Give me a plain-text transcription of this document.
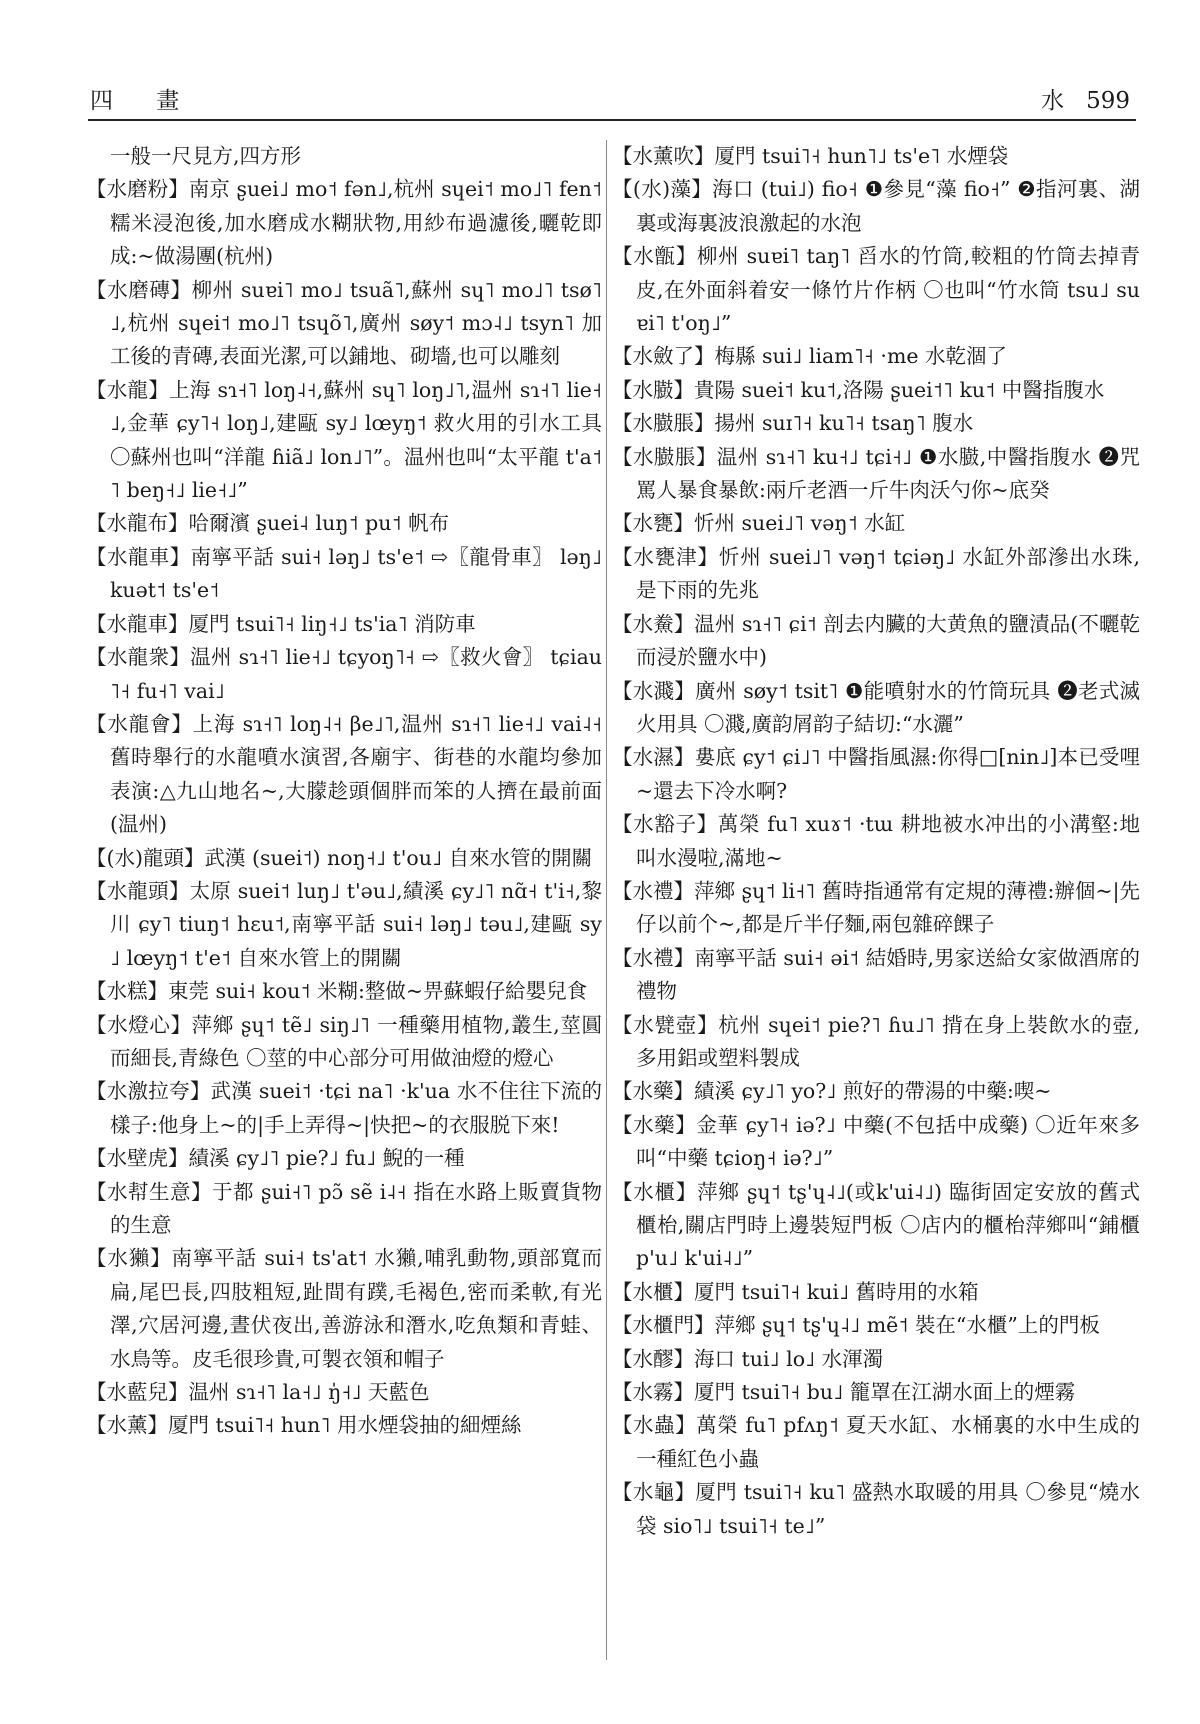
四 畫	水 599

一般一尺見方,四方形

【水磨粉】南京 ʂuei˩ mo˦ fən˩,杭州 sɥei˦ mo˩˥ fen˦ 糯米浸泡後,加水磨成水糊狀物,用紗布過濾後,曬乾即成:~做湯團(杭州)

【水磨磚】柳州 suɐi˥ mo˩ tsuã˥,蘇州 sɥ˥ mo˩˥ tsø˥˩,杭州 sɥei˦ mo˩˥ tsɥõ˥,廣州 søy˦ mɔ˨˩ tsyn˥ 加工後的青磚,表面光潔,可以鋪地、砌墻,也可以雕刻

【水龍】上海 sɿ˧˥ loŋ˨˧,蘇州 sɥ˥ loŋ˩˥,温州 sɿ˧˥ lie˧˩,金華 ɕy˥˧ loŋ˩,建甌 sy˩ lœyŋ˦ 救火用的引水工具 〇蘇州也叫“洋龍 ɦiã˩ lon˩˥”。温州也叫“太平龍 t'a˦˥ beŋ˧˩ lie˧˩”

【水龍布】哈爾濱 ʂuei˨ luŋ˦ pu˦ 帆布

【水龍車】南寧平話 sui˧ ləŋ˩ ts'e˦ ⇨〖龍骨車〗 ləŋ˩ kuət˦ ts'e˦

【水龍車】厦門 tsui˥˧ liŋ˧˩ ts'ia˥ 消防車

【水龍衆】温州 sɿ˧˥ lie˧˩ tɕyoŋ˥˧ ⇨〖救火會〗 tɕiau˥˧ fu˧˥ vai˩

【水龍會】上海 sɿ˧˥ loŋ˨˧ βe˩˥,温州 sɿ˧˥ lie˧˩ vai˨˧ 舊時舉行的水龍噴水演習,各廟宇、街巷的水龍均參加表演:△九山地名~,大朦趁頭個胖而笨的人擠在最前面(温州)

【(水)龍頭】武漢 (suei˦) noŋ˧˩ t'ou˩ 自來水管的開關

【水龍頭】太原 suei˦ luŋ˩ t'əu˩,績溪 ɕy˩˥ nɑ̃˧ t'i˧,黎川 ɕy˥ tiuŋ˦ hɛu˦,南寧平話 sui˧ ləŋ˩ təu˩,建甌 sy˩ lœyŋ˦ t'e˦ 自來水管上的開關

【水糕】東莞 sui˧ kou˦ 米糊:整做~畀蘇蝦仔給嬰兒食

【水燈心】萍鄉 ʂɥ˦ tẽ˩ siŋ˩˥ 一種藥用植物,叢生,莖圓而細長,青綠色 〇莖的中心部分可用做油燈的燈心

【水激拉夸】武漢 suei˦ ·tɕi na˥ ·k'ua 水不住往下流的樣子:他身上~的|手上弄得~|快把~的衣服脱下來!

【水壁虎】績溪 ɕy˩˥ pie?˩ fu˩ 鯢的一種

【水幇生意】于都 ʂui˧˥ pɔ̃ sẽ i˨˧ 指在水路上販賣貨物的生意

【水獺】南寧平話 sui˧ ts'at˦ 水獺,哺乳動物,頭部寬而扁,尾巴長,四肢粗短,趾間有蹼,毛褐色,密而柔軟,有光澤,穴居河邊,晝伏夜出,善游泳和潛水,吃魚類和青蛙、水鳥等。皮毛很珍貴,可製衣領和帽子

【水藍兒】温州 sɿ˧˥ la˧˩ ŋ̍˧˩ 天藍色

【水薰】厦門 tsui˥˧ hun˥ 用水煙袋抽的細煙絲

【水薰吹】厦門 tsui˥˧ hun˥˩ ts'e˥ 水煙袋

【(水)藻】海口 (tui˩) fio˧ ❶參見“藻 fio˧” ❷指河裏、湖裏或海裏波浪激起的水泡

【水甑】柳州 suɐi˥ taŋ˥ 舀水的竹筒,較粗的竹筒去掉青皮,在外面斜着安一條竹片作柄 〇也叫“竹水筒 tsu˩ suɐi˥ t'oŋ˩”

【水斂了】梅縣 sui˩ liam˥˧ ·me 水乾涸了

【水臌】貴陽 suei˦ ku˦,洛陽 ʂuei˦˥ ku˦ 中醫指腹水

【水臌脹】揚州 suɪ˥˧ ku˥˧ tsaŋ˥ 腹水

【水臌脹】温州 sɿ˧˥ ku˧˩ tɕi˧˩ ❶水臌,中醫指腹水 ❷咒罵人暴食暴飲:兩斤老酒一斤牛肉沃勺你~底癸

【水甕】忻州 suei˩˥ vəŋ˦ 水缸

【水甕津】忻州 suei˩˥ vəŋ˦ tɕiəŋ˩ 水缸外部滲出水珠,是下雨的先兆

【水鮝】温州 sɿ˧˥ ɕi˦ 剖去内臟的大黄魚的鹽漬品(不曬乾而浸於鹽水中)

【水濺】廣州 søy˦ tsit˥ ❶能噴射水的竹筒玩具 ❷老式滅火用具 〇濺,廣韵屑韵子結切:“水灑”

【水濕】婁底 ɕy˦ ɕi˩˥ 中醫指風濕:你得□[nin˩]本已受哩~還去下冷水啊?

【水豁子】萬榮 fu˥ xuɤ˦ ·tɯ 耕地被水冲出的小溝壑:地叫水漫啦,滿地~

【水禮】萍鄉 ʂɥ˦ li˧˥ 舊時指通常有定規的薄禮:辦個~|先仔以前个~,都是斤半仔麵,兩包雜碎餜子

【水禮】南寧平話 sui˧ əi˦ 結婚時,男家送給女家做酒席的禮物

【水甓壺】杭州 sɥei˦ pie?˥ ɦu˩˥ 揹在身上裝飲水的壺,多用鋁或塑料製成

【水藥】績溪 ɕy˩˥ yo?˩ 煎好的帶湯的中藥:喫~

【水藥】金華 ɕy˥˧ iə?˩ 中藥(不包括中成藥) 〇近年來多叫“中藥 tɕioŋ˧ iə?˩”

【水櫃】萍鄉 ʂɥ˦ tʂ'ɥ˨˩(或k'ui˨˩) 臨街固定安放的舊式櫃枱,關店門時上邊裝短門板 〇店内的櫃枱萍鄉叫“鋪櫃 p'u˩ k'ui˨˩”

【水櫃】厦門 tsui˥˧ kui˩ 舊時用的水箱

【水櫃門】萍鄉 ʂɥ˦ tʂ'ɥ˨˩ mẽ˦ 裝在“水櫃”上的門板

【水醪】海口 tui˩ lo˩ 水渾濁

【水霧】厦門 tsui˥˧ bu˩ 籠罩在江湖水面上的煙霧

【水蟲】萬榮 fu˥ pfʌŋ˦ 夏天水缸、水桶裏的水中生成的一種紅色小蟲

【水龜】厦門 tsui˥˧ ku˥ 盛熱水取暖的用具 〇參見“燒水袋 sio˥˩ tsui˥˧ te˩”
